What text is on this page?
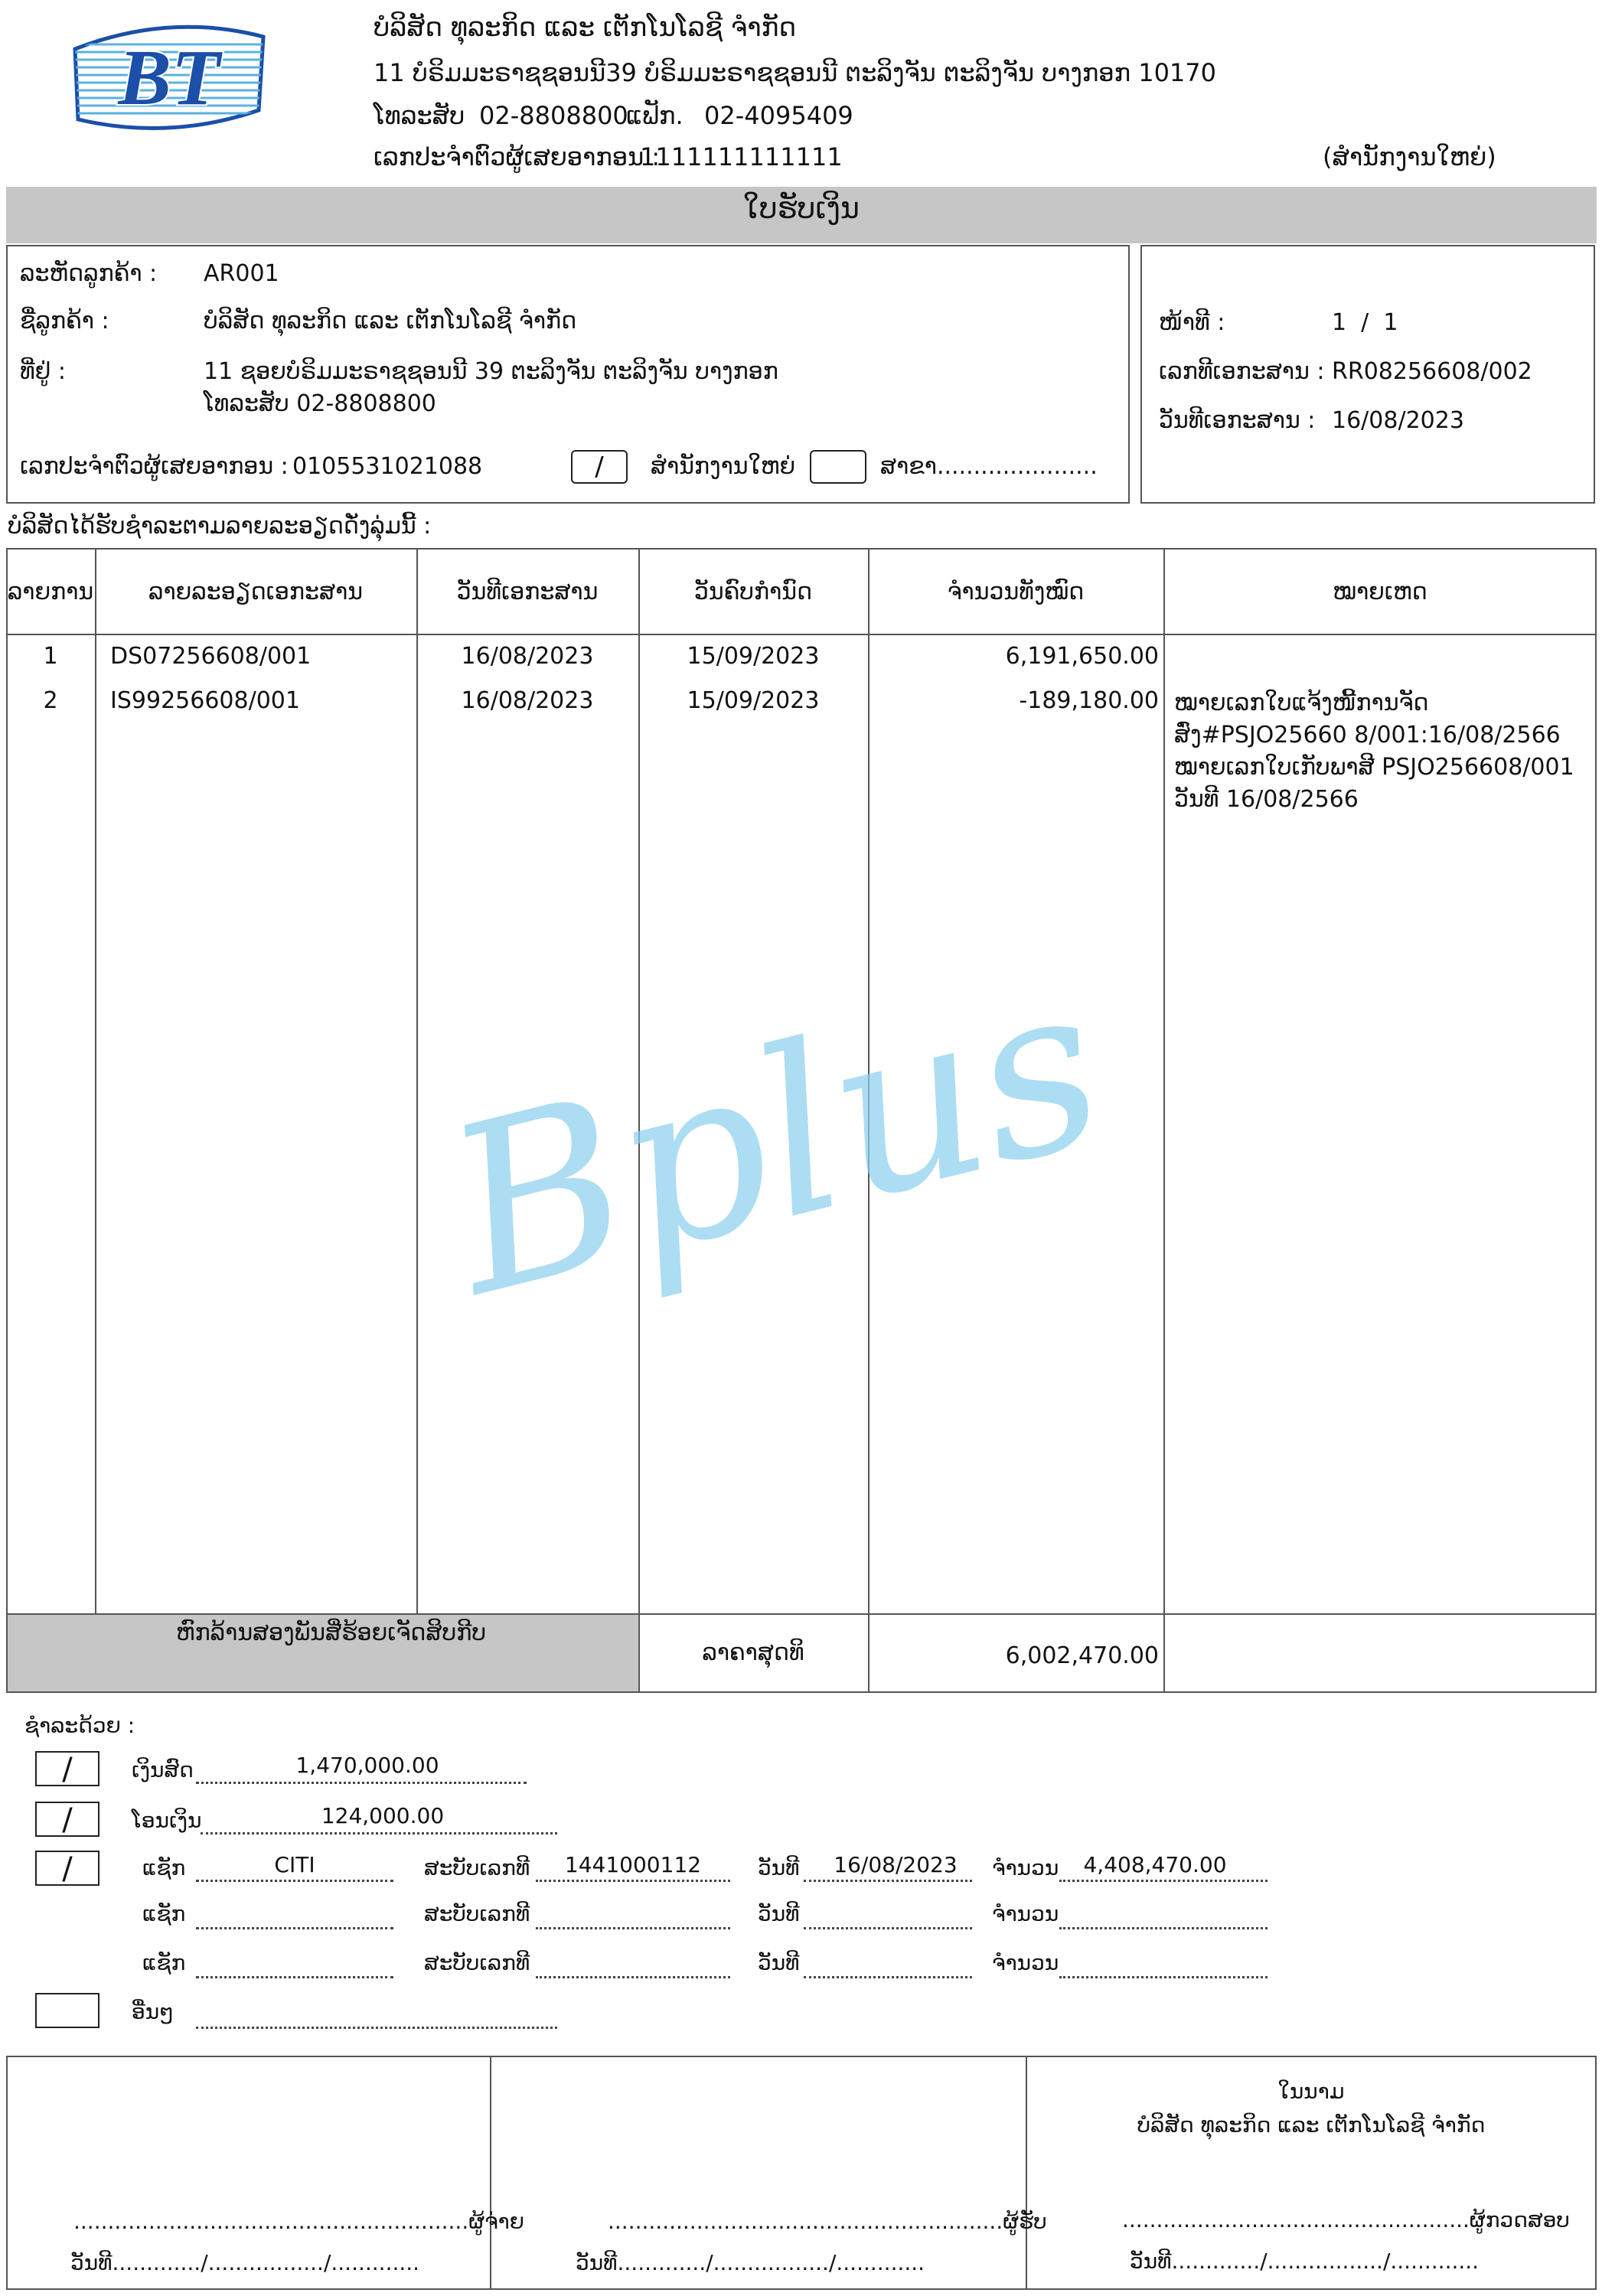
BT
ບໍລິສັດ ທຸລະກິດ ແລະ ເຕັກໂນໂລຊີ ຈຳກັດ
11 ບໍຣິມມະຣາຊຊອນນີ39 ບໍຣິມມະຣາຊຊອນນີ ຕະລິງຈັນ ຕະລິງຈັນ ບາງກອກ 10170
ໂທລະສັບ 02-8808800
ແຟັກ. 02-4095409
ເລກປະຈຳຕົວຜູ້ເສຍອາກອນ :
1111111111111	(ສຳນັກງານໃຫຍ່)
ໃບຮັບເງິນ
ລະຫັດລູກຄ້າ : AR001
ຊື່ລູກຄ້າ :	ບໍລິສັດ ທຸລະກິດ ແລະ ເຕັກໂນໂລຊີ ຈຳກັດ
ທີ່ຢູ່ :	11 ຊອຍບໍຣິມມະຣາຊຊອນນີ 39 ຕະລິງຈັນ ຕະລິງຈັນ ບາງກອກ
ໂທລະສັບ 02-8808800
ເລກປະຈຳຕົວຜູ້ເສຍອາກອນ : 0105531021088	/	ສຳນັກງານໃຫຍ່	ສາຂາ......................
ໜ້າທີ :	1  /  1
ເລກທີເອກະສານ : RR08256608/002
ວັນທີເອກະສານ : 16/08/2023
ບໍລິສັດໄດ້ຮັບຊຳລະຕາມລາຍລະອຽດດັ່ງລຸ່ມນີ້ :
ລາຍການ	ລາຍລະອຽດເອກະສານ	ວັນທີເອກະສານ	ວັນຄົບກຳນົດ	ຈຳນວນທັງໝົດ	ໝາຍເຫດ
1	DS07256608/001	16/08/2023	15/09/2023	6,191,650.00
2	IS99256608/001	16/08/2023	15/09/2023	-189,180.00 ໝາຍເລກໃບແຈ້ງໜີ້ການຈັດສົ່ງ#PSJO25660 8/001:16/08/2566 ໝາຍເລກໃບເກັບພາສີ PSJO256608/001 ວັນທີ 16/08/2566
Bplus
ຫົກລ້ານສອງພັນສີ່ຮ້ອຍເຈັດສິບກີບ
ລາຄາສຸດທິ	6,002,470.00
ຊຳລະດ້ວຍ :
/	ເງິນສົດ	1,470,000.00
/	ໂອນເງິນ	124,000.00
/	ແຊັກ	CITI	ສະບັບເລກທີ	1441000112	ວັນທີ	16/08/2023	ຈຳນວນ	4,408,470.00
ແຊັກ	ສະບັບເລກທີ	ວັນທີ	ຈຳນວນ
ແຊັກ	ສະບັບເລກທີ	ວັນທີ	ຈຳນວນ
ອື່ນໆ
..........................................................ຜູ້ຈ່າຍ
ວັນທີ............./................./.............
..........................................................ຜູ້ຮັບ
ວັນທີ............./................./.............
ໃນນາມ
ບໍລິສັດ ທຸລະກິດ ແລະ ເຕັກໂນໂລຊີ ຈຳກັດ
...................................................ຜູ້ກວດສອບ
ວັນທີ............./................./.............
